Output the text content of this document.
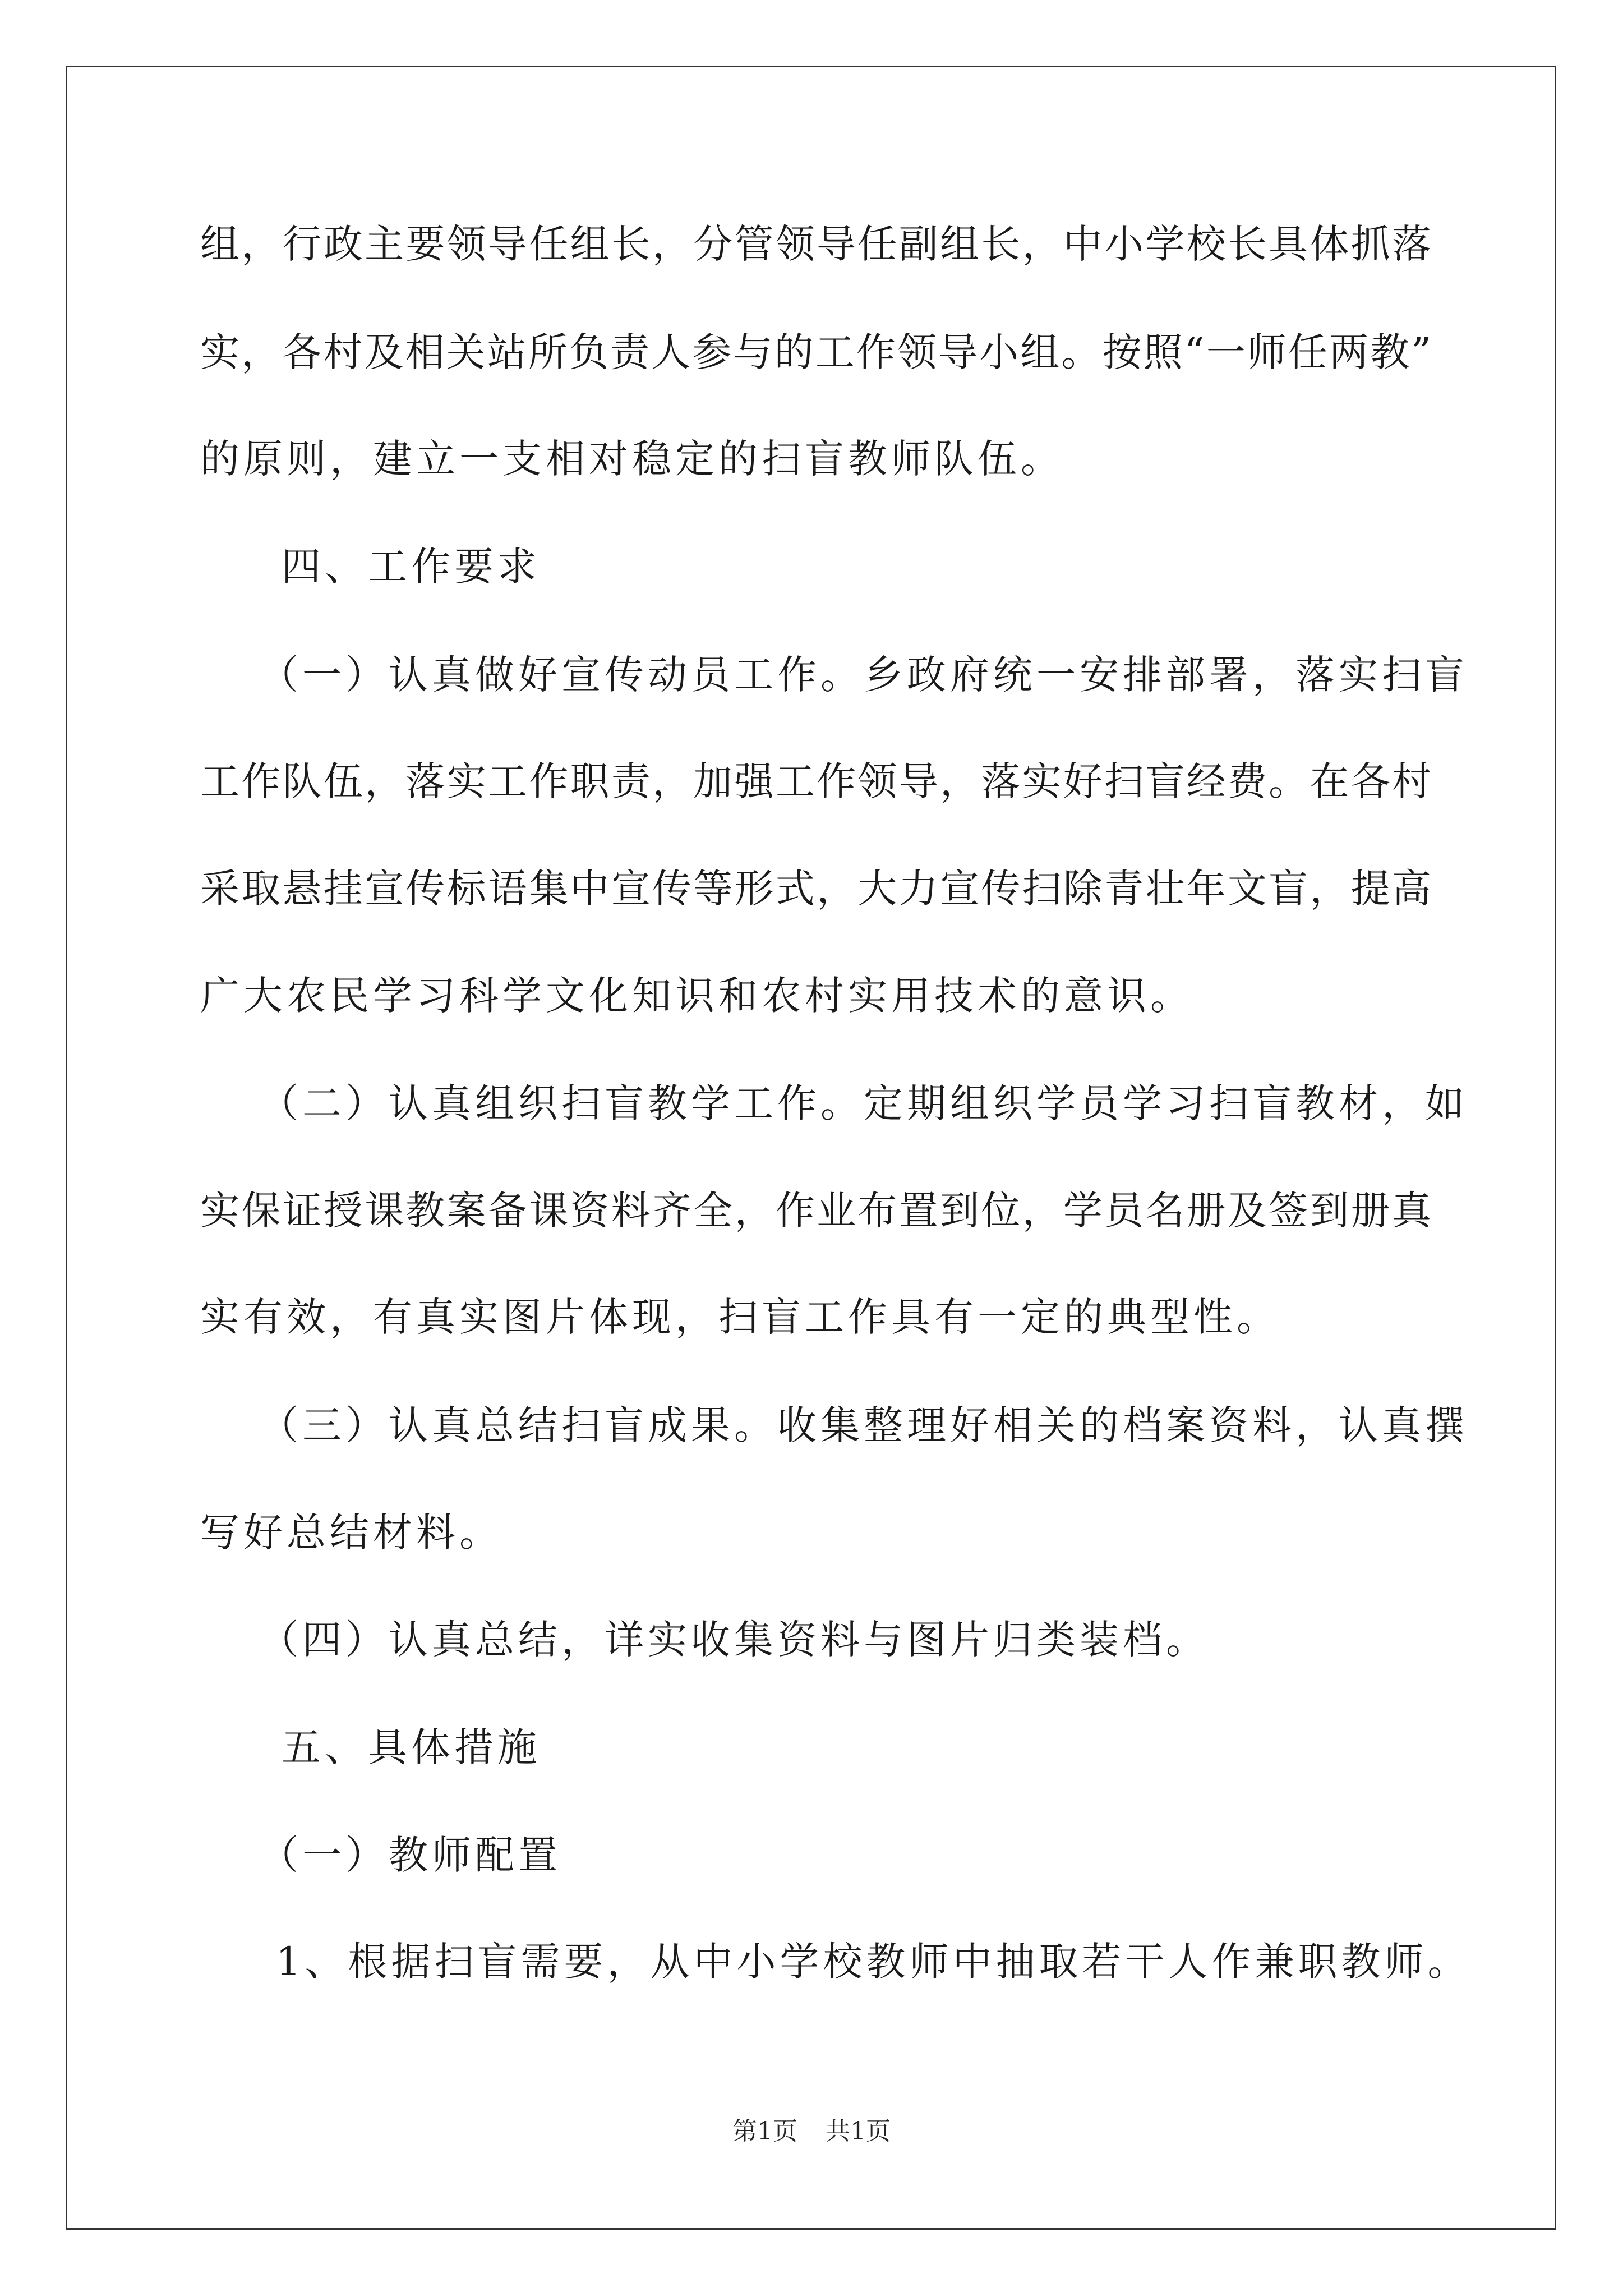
组，行政主要领导任组长，分管领导任副组长，中小学校长具体抓落
实，各村及相关站所负责人参与的工作领导小组。按照“一师任两教”
的原则，建立一支相对稳定的扫盲教师队伍。
四、工作要求
（一）认真做好宣传动员工作。乡政府统一安排部署，落实扫盲
工作队伍，落实工作职责，加强工作领导，落实好扫盲经费。在各村
采取悬挂宣传标语集中宣传等形式，大力宣传扫除青壮年文盲，提高
广大农民学习科学文化知识和农村实用技术的意识。
（二）认真组织扫盲教学工作。定期组织学员学习扫盲教材，如
实保证授课教案备课资料齐全，作业布置到位，学员名册及签到册真
实有效，有真实图片体现，扫盲工作具有一定的典型性。
（三）认真总结扫盲成果。收集整理好相关的档案资料，认真撰
写好总结材料。
（四）认真总结，详实收集资料与图片归类装档。
五、具体措施
（一）教师配置
1、根据扫盲需要，从中小学校教师中抽取若干人作兼职教师。
第1页 共1页
